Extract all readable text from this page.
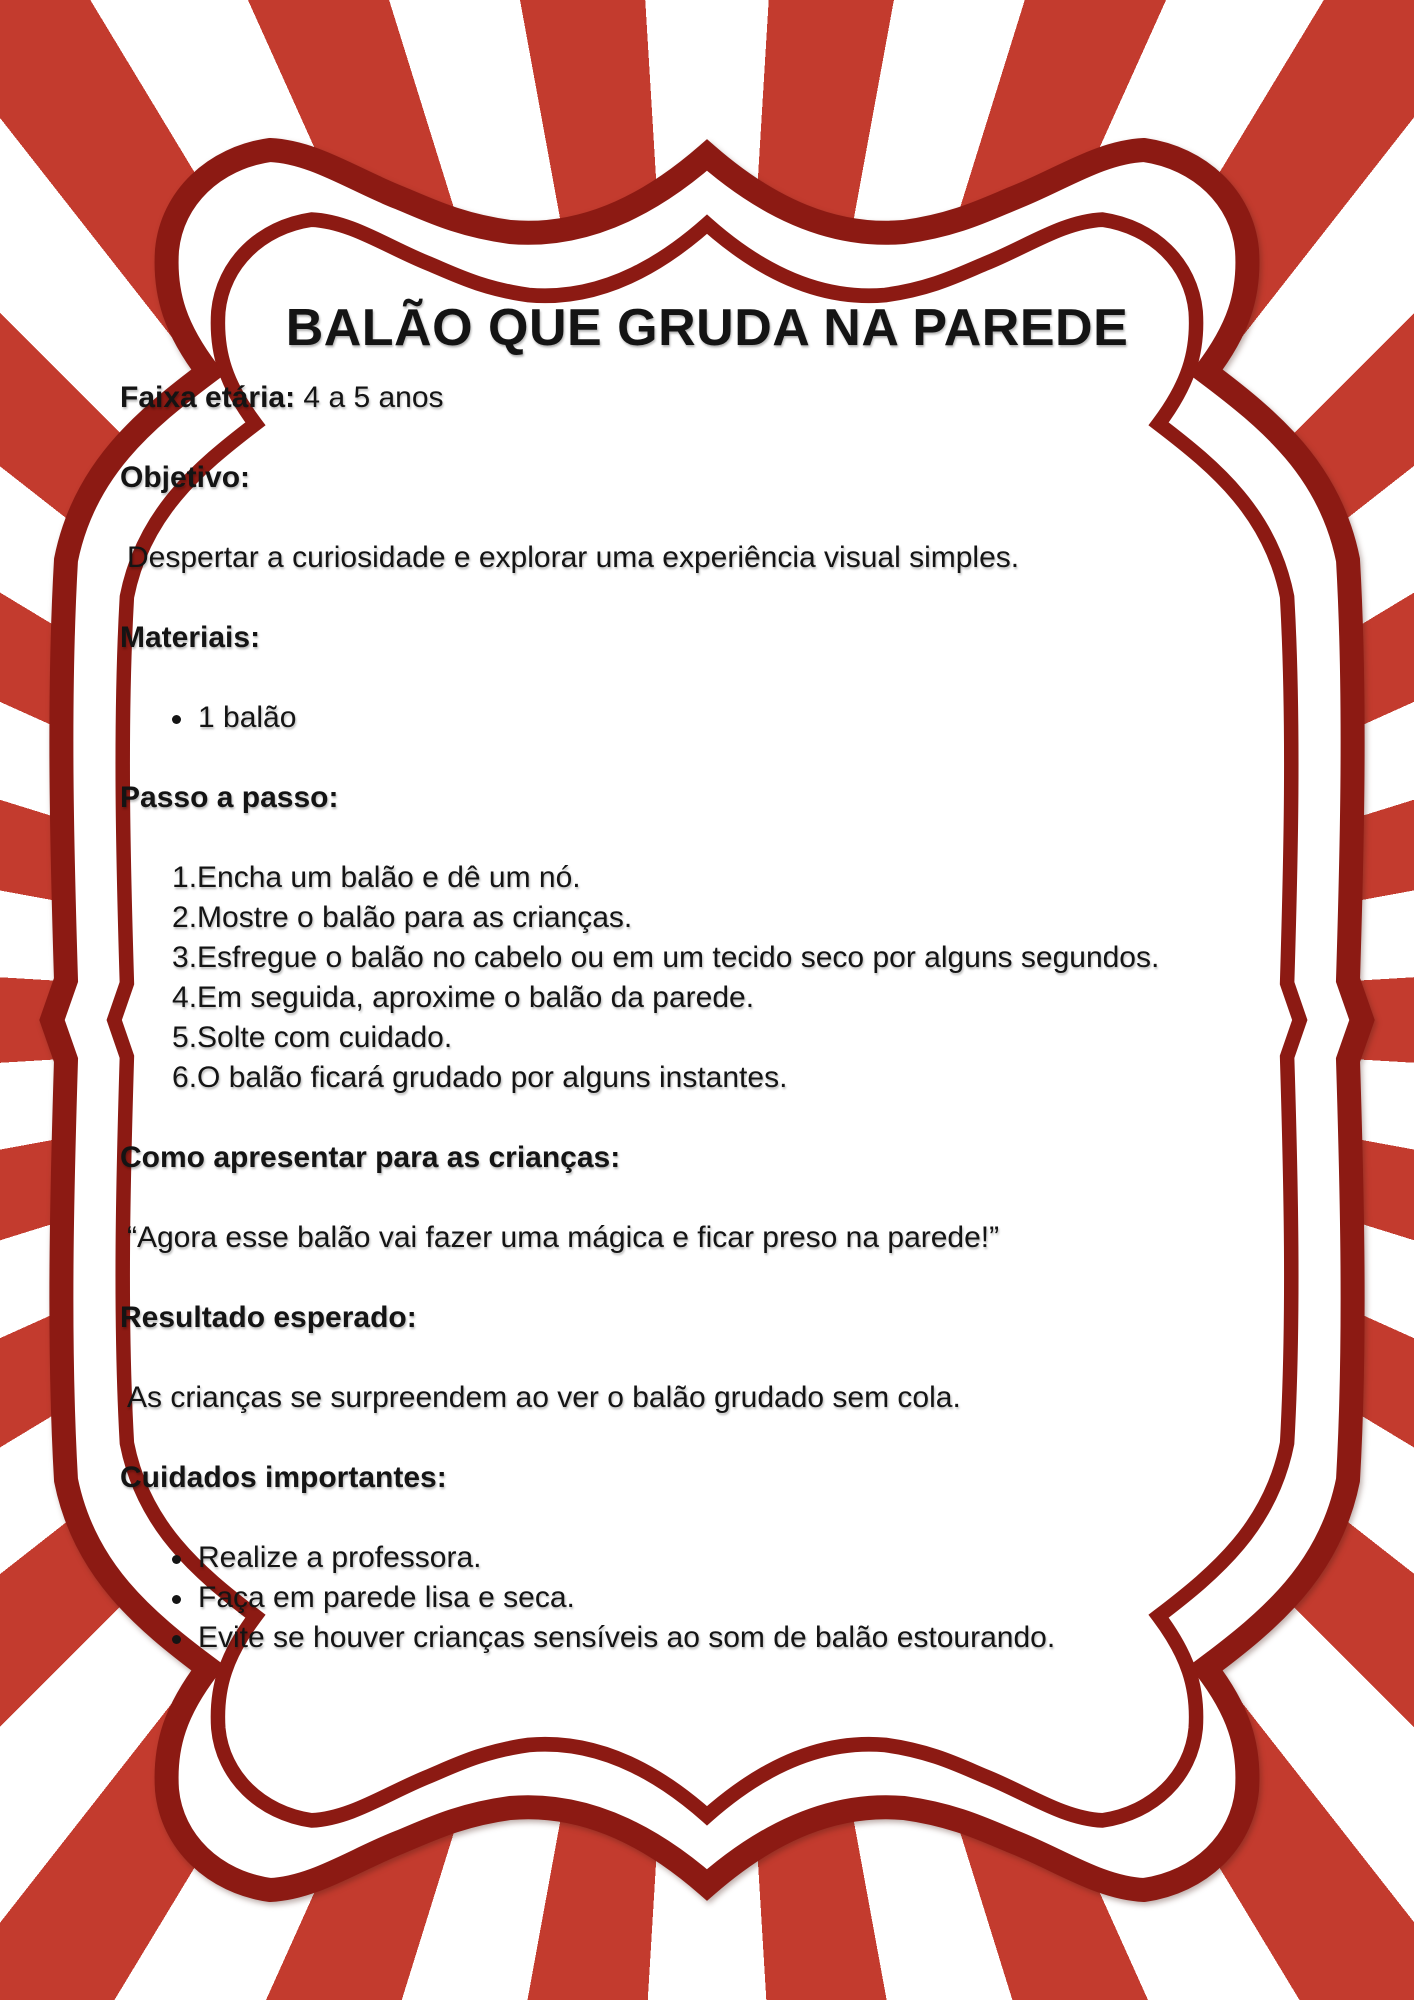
BALÃO QUE GRUDA NA PAREDE
Faixa etária: 4 a 5 anos
Objetivo:
Despertar a curiosidade e explorar uma experiência visual simples.
Materiais:
1 balão
Passo a passo:
Encha um balão e dê um nó.
Mostre o balão para as crianças.
Esfregue o balão no cabelo ou em um tecido seco por alguns segundos.
Em seguida, aproxime o balão da parede.
Solte com cuidado.
O balão ficará grudado por alguns instantes.
Como apresentar para as crianças:
“Agora esse balão vai fazer uma mágica e ficar preso na parede!”
Resultado esperado:
As crianças se surpreendem ao ver o balão grudado sem cola.
Cuidados importantes:
Realize a professora.
Faça em parede lisa e seca.
Evite se houver crianças sensíveis ao som de balão estourando.
